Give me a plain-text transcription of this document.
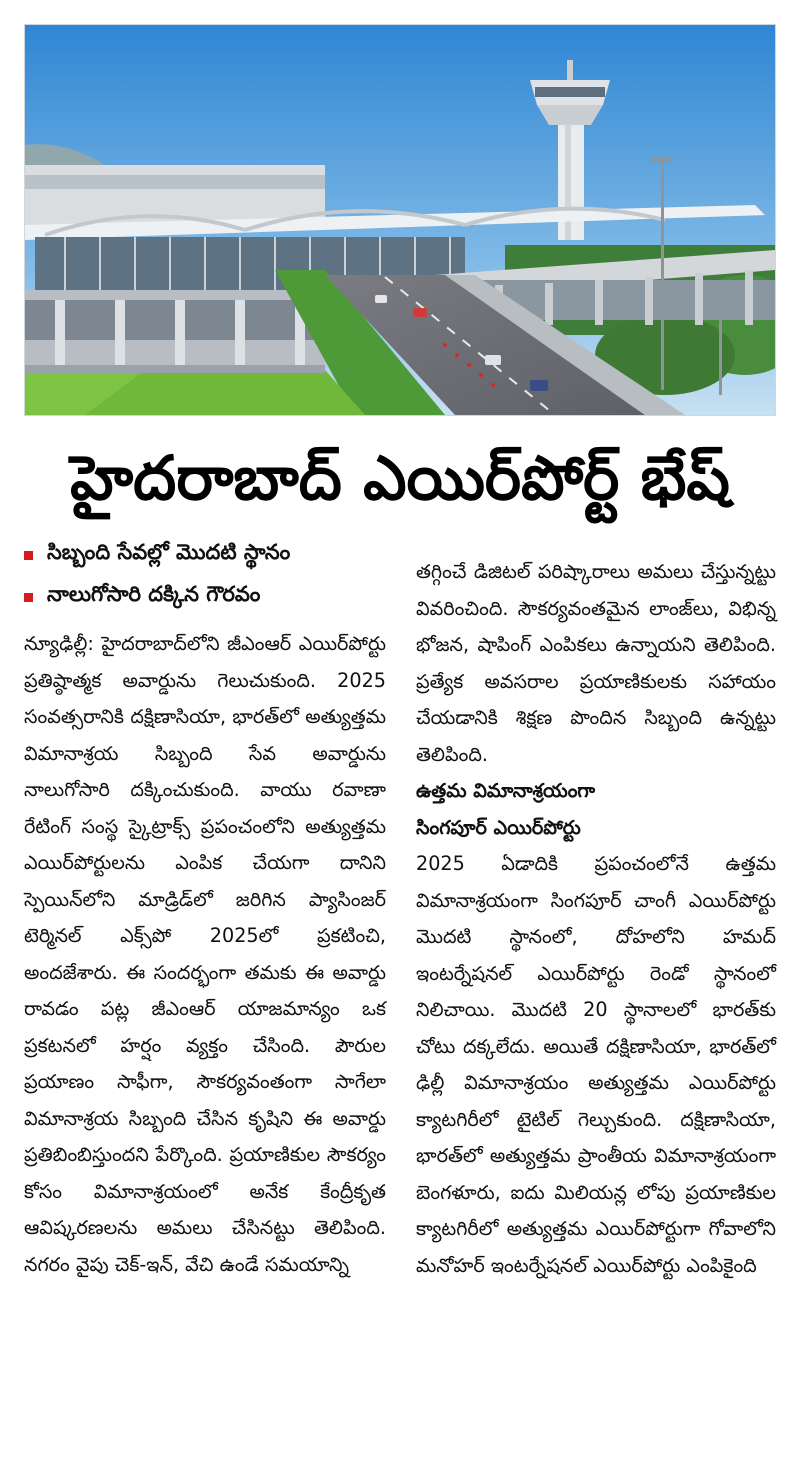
హైదరాబాద్ ఎయిర్‌పోర్ట్ భేష్
సిబ్బంది సేవల్లో మొదటి స్థానం
నాలుగోసారి దక్కిన గౌరవం

న్యూఢిల్లీ: హైదరాబాద్‌లోని జీఎంఆర్ ఎయిర్‌పోర్టు ప్రతిష్ఠాత్మక అవార్డును గెలుచుకుంది. 2025 సంవత్సరానికి దక్షిణాసియా, భారత్‌లో అత్యుత్తమ విమానాశ్రయ సిబ్బంది సేవ అవార్డును నాలుగోసారి దక్కించుకుంది. వాయు రవాణా రేటింగ్ సంస్థ స్కైట్రాక్స్ ప్రపంచంలోని అత్యుత్తమ ఎయిర్‌పోర్టులను ఎంపిక చేయగా దానిని స్పెయిన్‌లోని మాడ్రిడ్‌లో జరిగిన ప్యాసింజర్ టెర్మినల్ ఎక్స్‌పో 2025లో ప్రకటించి, అందజేశారు. ఈ సందర్భంగా తమకు ఈ అవార్డు రావడం పట్ల జీఎంఆర్ యాజమాన్యం ఒక ప్రకటనలో హర్షం వ్యక్తం చేసింది. పౌరుల ప్రయాణం సాఫీగా, సౌకర్యవంతంగా సాగేలా విమానాశ్రయ సిబ్బంది చేసిన కృషిని ఈ అవార్డు ప్రతిబింబిస్తుందని పేర్కొంది. ప్రయాణికుల సౌకర్యం కోసం విమానాశ్రయంలో అనేక కేంద్రీకృత ఆవిష్కరణలను అమలు చేసినట్టు తెలిపింది. నగరం వైపు చెక్-ఇన్, వేచి ఉండే సమయాన్ని

తగ్గించే డిజిటల్ పరిష్కారాలు అమలు చేస్తున్నట్టు వివరించింది. సౌకర్యవంతమైన లాంజ్‌లు, విభిన్న భోజన, షాపింగ్ ఎంపికలు ఉన్నాయని తెలిపింది. ప్రత్యేక అవసరాల ప్రయాణికులకు సహాయం చేయడానికి శిక్షణ పొందిన సిబ్బంది ఉన్నట్టు తెలిపింది.

ఉత్తమ విమానాశ్రయంగా

సింగపూర్ ఎయిర్‌పోర్టు

2025 ఏడాదికి ప్రపంచంలోనే ఉత్తమ విమానాశ్రయంగా సింగపూర్ చాంగీ ఎయిర్‌పోర్టు మొదటి స్థానంలో, దోహలోని హమద్ ఇంటర్నేషనల్ ఎయిర్‌పోర్టు రెండో స్థానంలో నిలిచాయి. మొదటి 20 స్థానాలలో భారత్‌కు చోటు దక్కలేదు. అయితే దక్షిణాసియా, భారత్‌లో ఢిల్లీ విమానాశ్రయం అత్యుత్తమ ఎయిర్‌పోర్టు క్యాటగిరీలో టైటిల్ గెల్చుకుంది. దక్షిణాసియా, భారత్‌లో అత్యుత్తమ ప్రాంతీయ విమానాశ్రయంగా బెంగళూరు, ఐదు మిలియన్ల లోపు ప్రయాణికుల క్యాటగిరీలో అత్యుత్తమ ఎయిర్‌పోర్టుగా గోవాలోని మనోహర్ ఇంటర్నేషనల్ ఎయిర్‌పోర్టు ఎంపికైంది
